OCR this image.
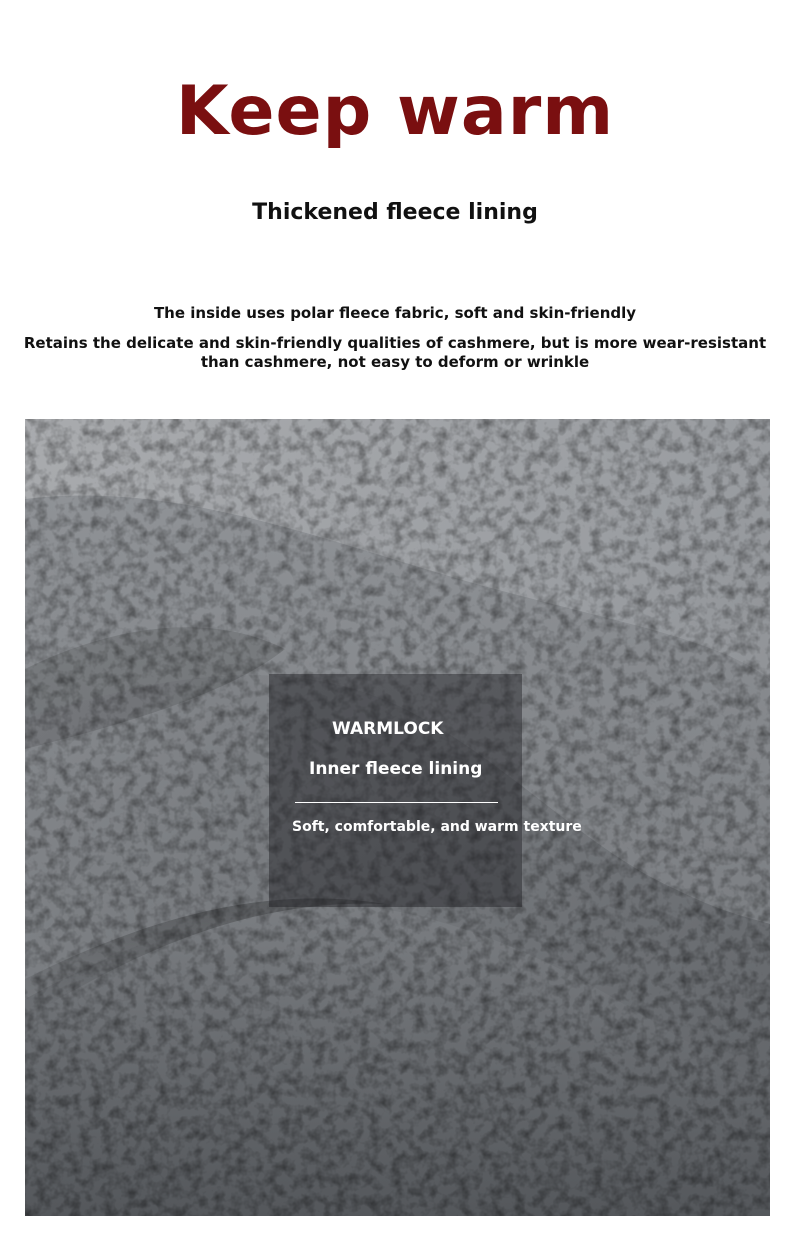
Keep warm
Thickened fleece lining
The inside uses polar fleece fabric, soft and skin-friendly
Retains the delicate and skin-friendly qualities of cashmere, but is more wear-resistant than cashmere, not easy to deform or wrinkle
WARMLOCK
Inner fleece lining
Soft, comfortable, and warm texture
